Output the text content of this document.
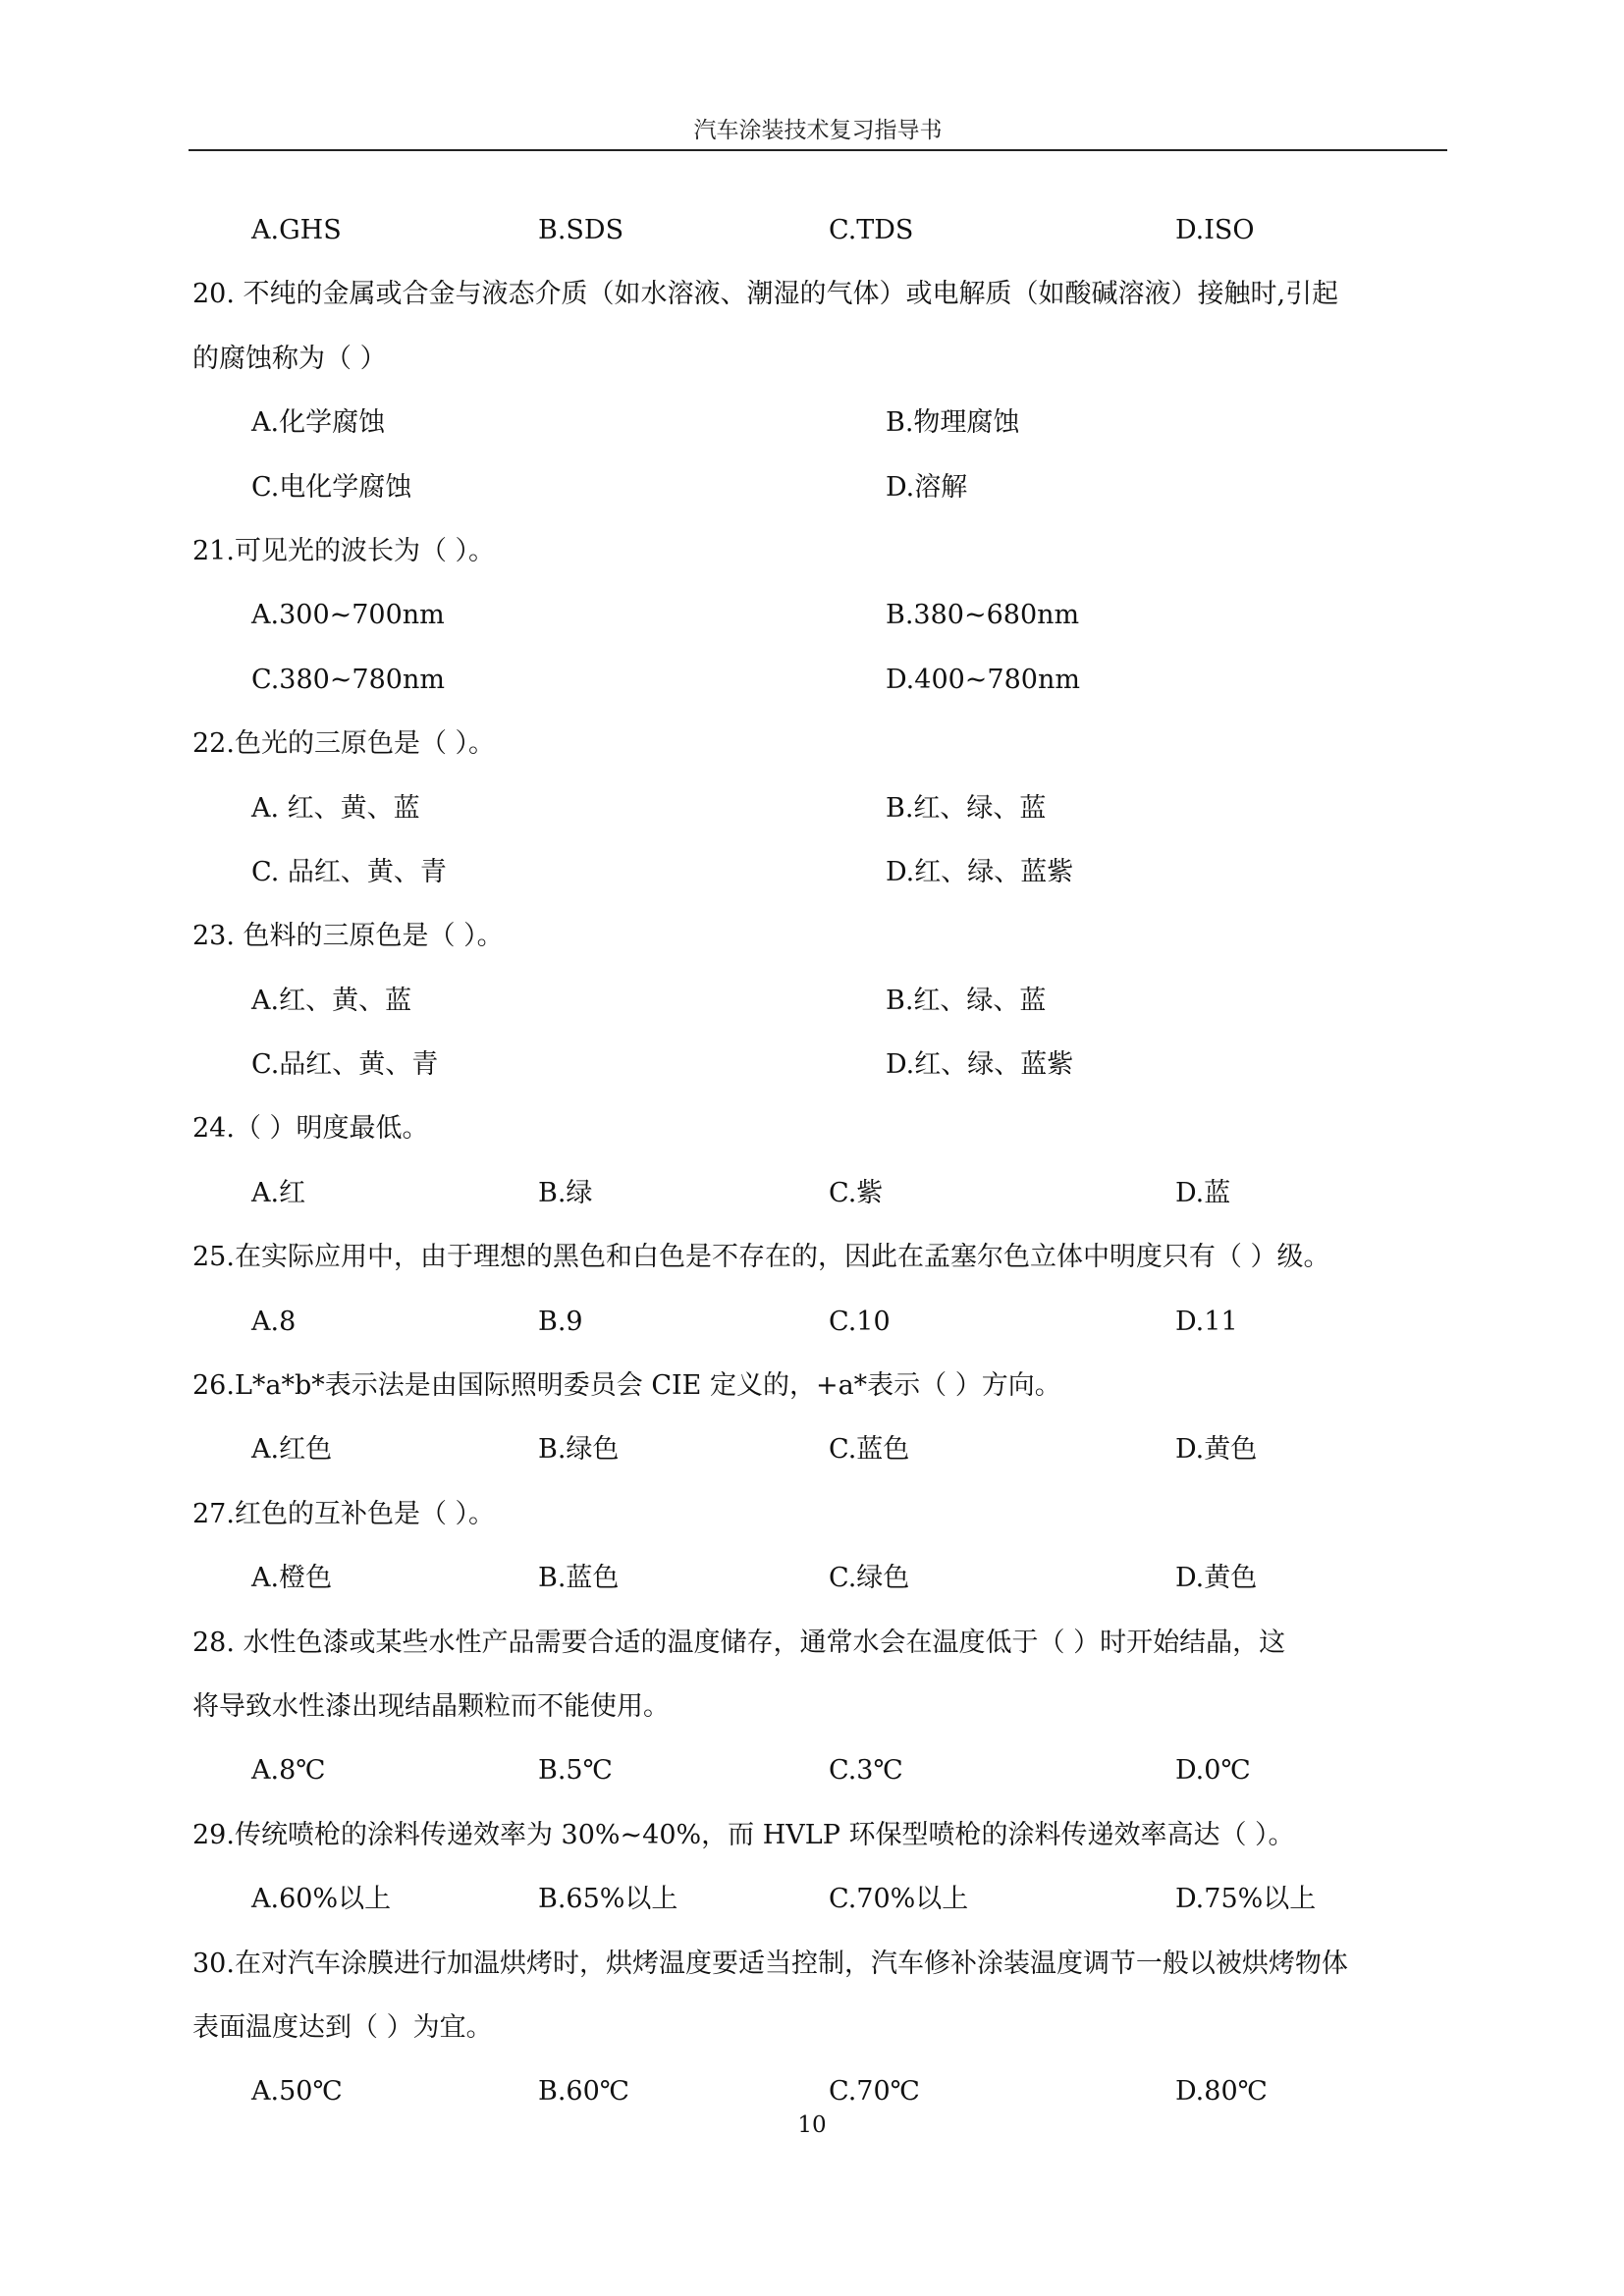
汽车涂装技术复习指导书
A.GHS	B.SDS	C.TDS	D.ISO
20. 不纯的金属或合金与液态介质（如水溶液、潮湿的气体）或电解质（如酸碱溶液）接触时,引起
的腐蚀称为（ ）
A.化学腐蚀	B.物理腐蚀
C.电化学腐蚀	D.溶解
21.可见光的波长为（ ）。
A.300~700nm	B.380~680nm
C.380~780nm	D.400~780nm
22.色光的三原色是（ ）。
A. 红、黄、蓝	B.红、绿、蓝
C. 品红、黄、青	D.红、绿、蓝紫
23. 色料的三原色是（ ）。
A.红、黄、蓝	B.红、绿、蓝
C.品红、黄、青	D.红、绿、蓝紫
24.（ ）明度最低。
A.红	B.绿	C.紫	D.蓝
25.在实际应用中，由于理想的黑色和白色是不存在的，因此在孟塞尔色立体中明度只有（ ）级。
A.8	B.9	C.10	D.11
26.L*a*b*表示法是由国际照明委员会 CIE 定义的，+a*表示（ ）方向。
A.红色	B.绿色	C.蓝色	D.黄色
27.红色的互补色是（ ）。
A.橙色	B.蓝色	C.绿色	D.黄色
28. 水性色漆或某些水性产品需要合适的温度储存，通常水会在温度低于（ ）时开始结晶，这
将导致水性漆出现结晶颗粒而不能使用。
A.8℃	B.5℃	C.3℃	D.0℃
29.传统喷枪的涂料传递效率为 30%~40%，而 HVLP 环保型喷枪的涂料传递效率高达（ ）。
A.60%以上	B.65%以上	C.70%以上	D.75%以上
30.在对汽车涂膜进行加温烘烤时，烘烤温度要适当控制，汽车修补涂装温度调节一般以被烘烤物体
表面温度达到（ ）为宜。
A.50℃	B.60℃	C.70℃	D.80℃
10
